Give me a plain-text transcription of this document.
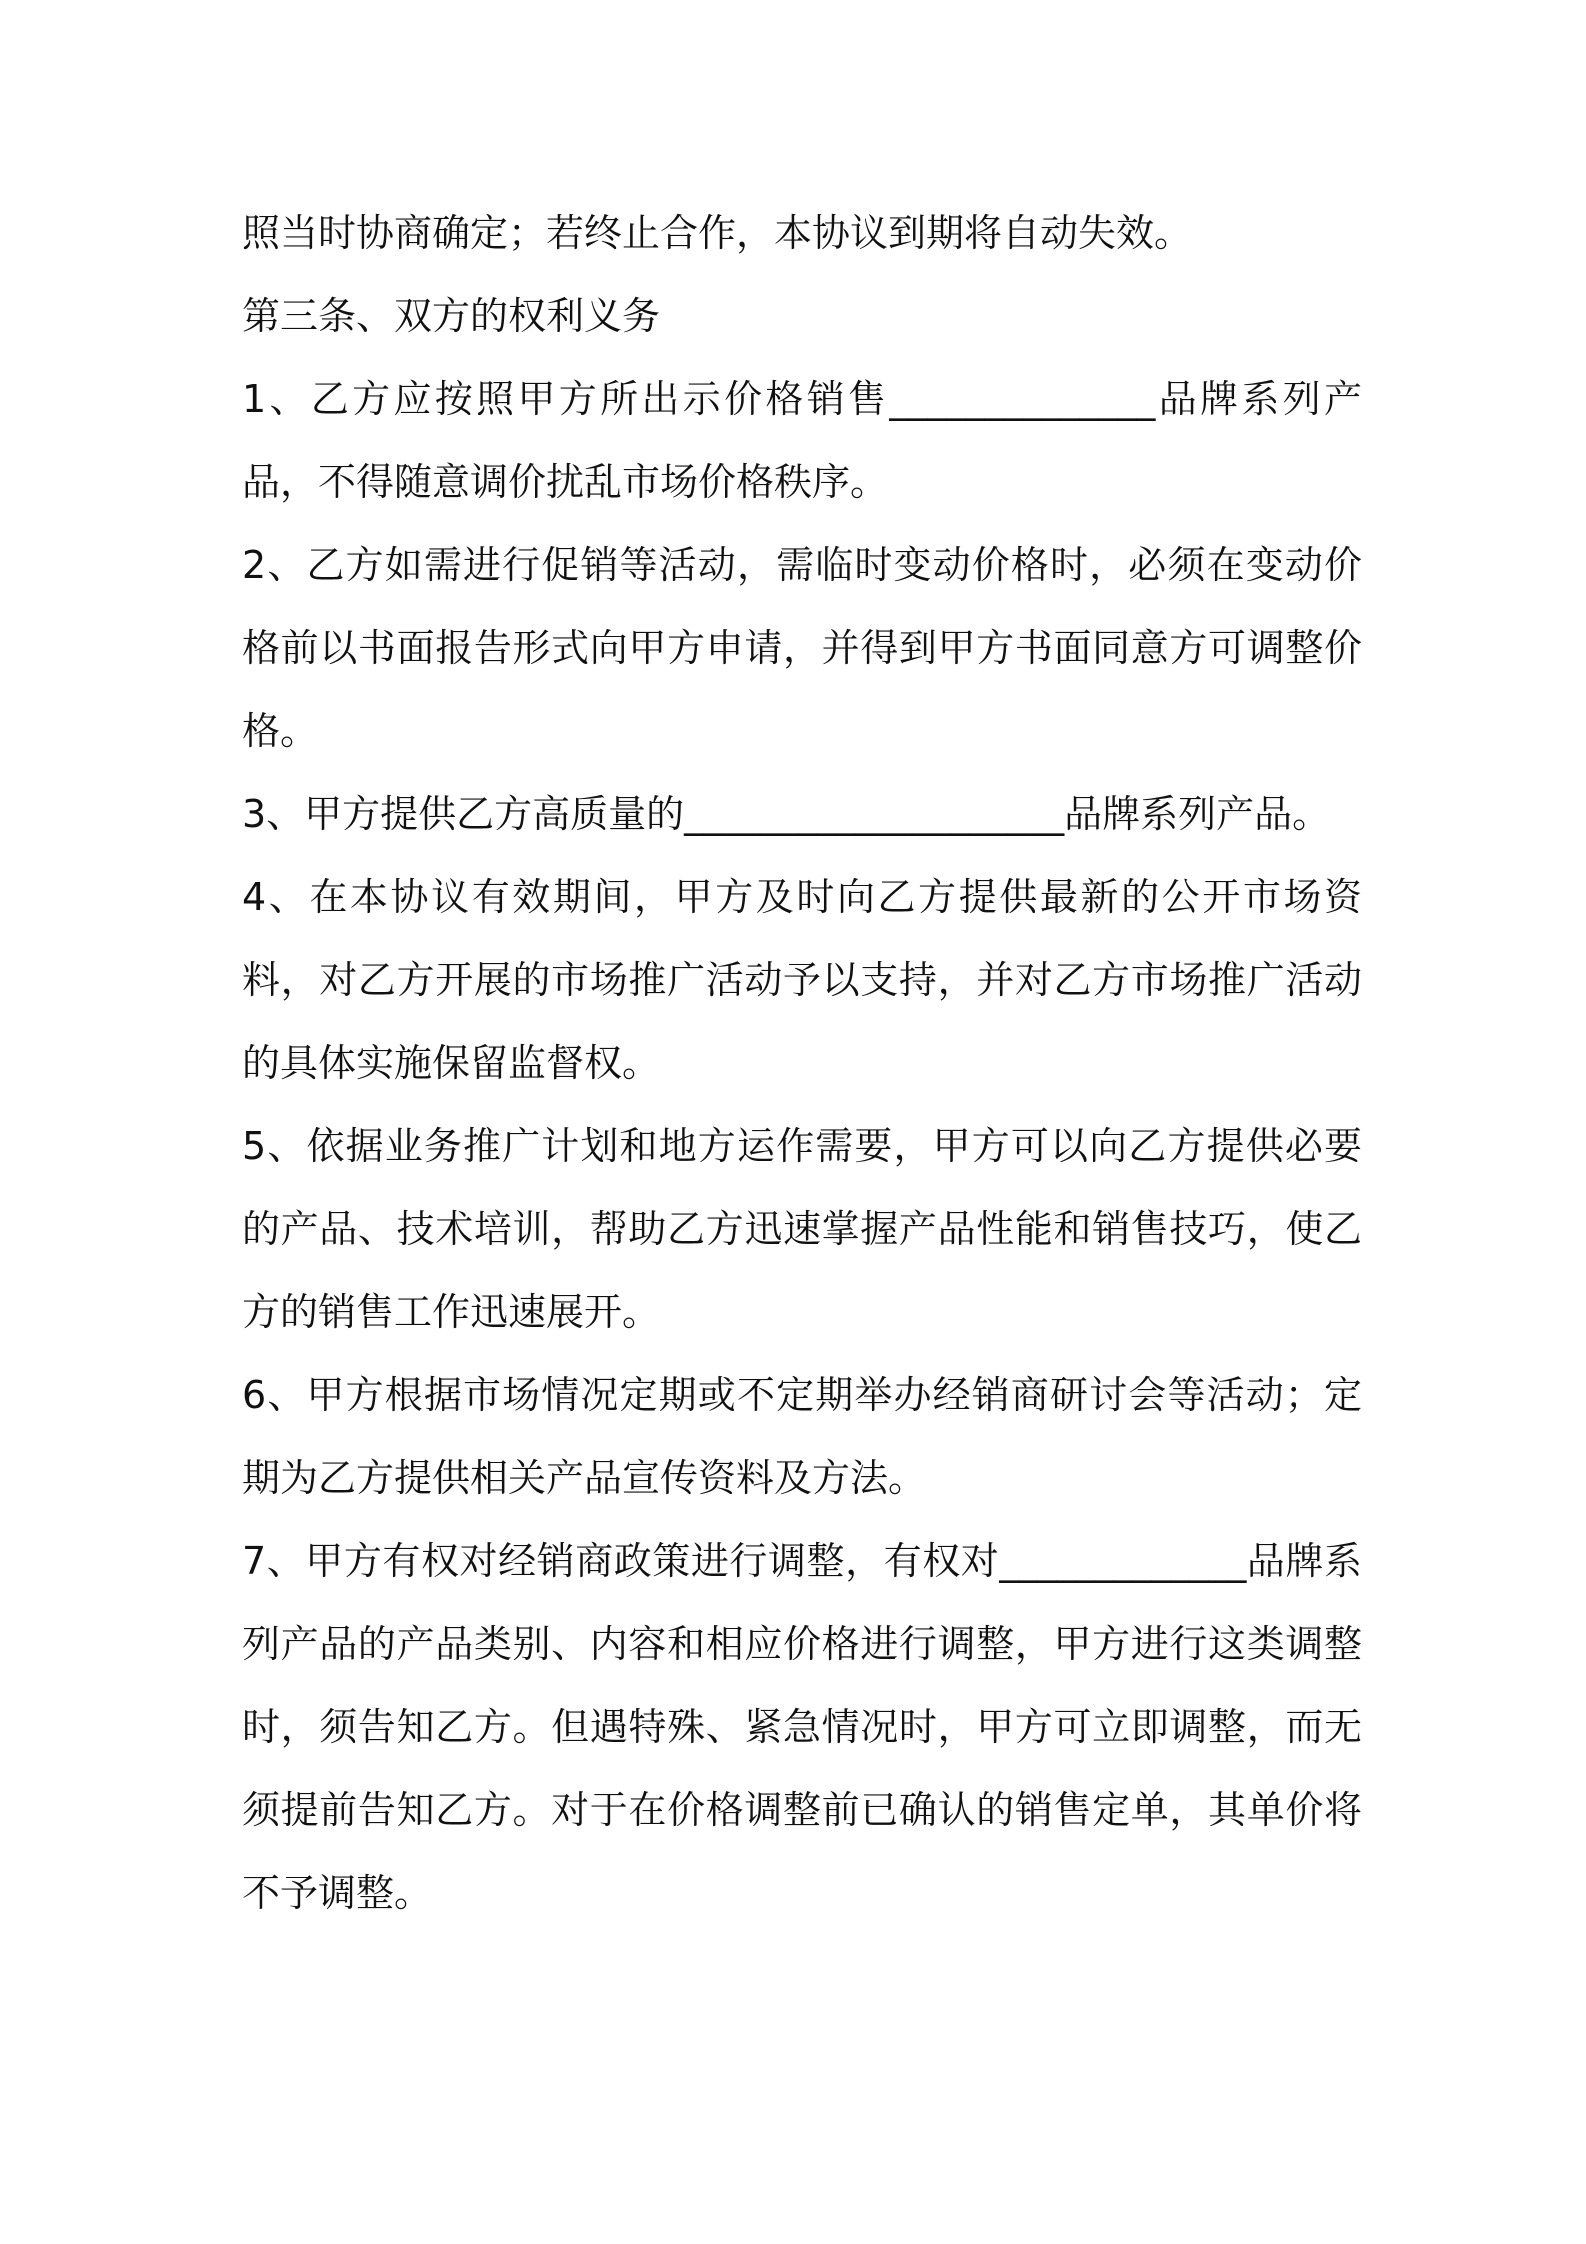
照当时协商确定；若终止合作，本协议到期将自动失效。

第三条、双方的权利义务

1、乙方应按照甲方所出示价格销售______________品牌系列产品，不得随意调价扰乱市场价格秩序。

2、乙方如需进行促销等活动，需临时变动价格时，必须在变动价格前以书面报告形式向甲方申请，并得到甲方书面同意方可调整价格。

3、甲方提供乙方高质量的____________________品牌系列产品。

4、在本协议有效期间，甲方及时向乙方提供最新的公开市场资料，对乙方开展的市场推广活动予以支持，并对乙方市场推广活动的具体实施保留监督权。

5、依据业务推广计划和地方运作需要，甲方可以向乙方提供必要的产品、技术培训，帮助乙方迅速掌握产品性能和销售技巧，使乙方的销售工作迅速展开。

6、甲方根据市场情况定期或不定期举办经销商研讨会等活动；定期为乙方提供相关产品宣传资料及方法。

7、甲方有权对经销商政策进行调整，有权对_____________品牌系列产品的产品类别、内容和相应价格进行调整，甲方进行这类调整时，须告知乙方。但遇特殊、紧急情况时，甲方可立即调整，而无须提前告知乙方。对于在价格调整前已确认的销售定单，其单价将不予调整。
